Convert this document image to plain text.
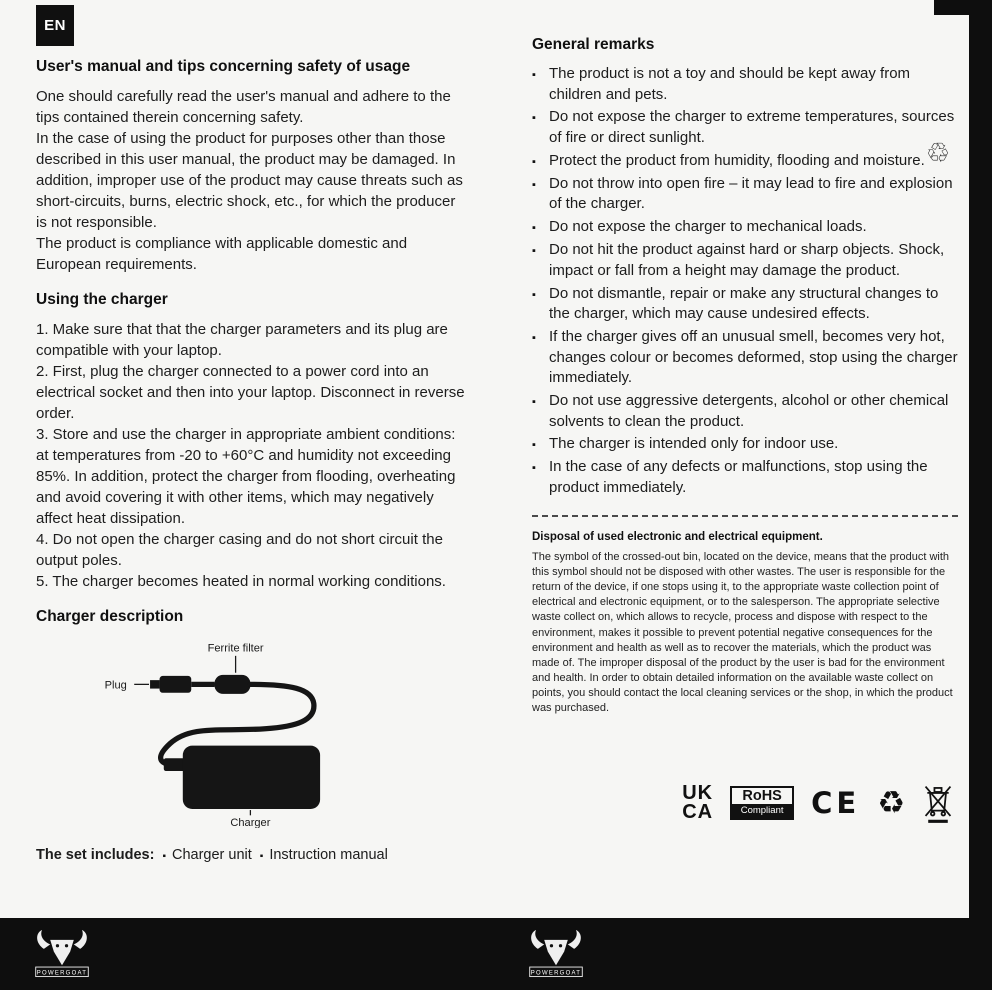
EN
♲
User's manual and tips concerning safety of usage

One should carefully read the user's manual and adhere to the tips contained therein concerning safety.

In the case of using the product for purposes other than those described in this user manual, the product may be damaged. In addition, improper use of the product may cause threats such as short-circuits, burns, electric shock, etc., for which the producer is not responsible.

The product is compliance with applicable domestic and European requirements.

Using the charger

1. Make sure that that the charger parameters and its plug are compatible with your laptop.

2. First, plug the charger connected to a power cord into an electrical socket and then into your laptop. Disconnect in reverse order.

3. Store and use the charger in appropriate ambient conditions: at temperatures from -20 to +60°C and humidity not exceeding 85%. In addition, protect the charger from flooding, overheating and avoid covering it with other items, which may negatively affect heat dissipation.

4. Do not open the charger casing and do not short circuit the output poles.

5. The charger becomes heated in normal working conditions.

Charger description
Ferrite filter
Plug
Charger
The set includes:	▪ Charger unit	▪ Instruction manual
General remarks
▪
The product is not a toy and should be kept away from children and pets.
▪
Do not expose the charger to extreme temperatures, sources of fire or direct sunlight.
▪
Protect the product from humidity, flooding and moisture.
▪
Do not throw into open fire – it may lead to fire and explosion of the charger.
▪
Do not expose the charger to mechanical loads.
▪
Do not hit the product against hard or sharp objects. Shock, impact or fall from a height may damage the product.
▪
Do not dismantle, repair or make any structural changes to the charger, which may cause undesired effects.
▪
If the charger gives off an unusual smell, becomes very hot, changes colour or becomes deformed, stop using the charger immediately.
▪
Do not use aggressive detergents, alcohol or other chemical solvents to clean the product.
▪
The charger is intended only for indoor use.
▪
In the case of any defects or malfunctions, stop using the product immediately.
Disposal of used electronic and electrical equipment.

The symbol of the crossed-out bin, located on the device, means that the product with this symbol should not be disposed with other wastes. The user is responsible for the return of the device, if one stops using it, to the appropriate waste collection point of electrical and electronic equipment, or to the salesperson. The appropriate selective waste collect on, which allows to recycle, process and dispose with respect to the environment, makes it possible to prevent potential negative consequences for the environment and health as well as to recover the materials, which the product was made of. The improper disposal of the product by the user is bad for the environment and health. In order to obtain detailed information on the available waste collect on points, you should contact the local cleaning services or the shop, in which the product was purchased.

UK
CA
RoHS
Compliant CE ♻
POWERGOAT	POWERGOAT
